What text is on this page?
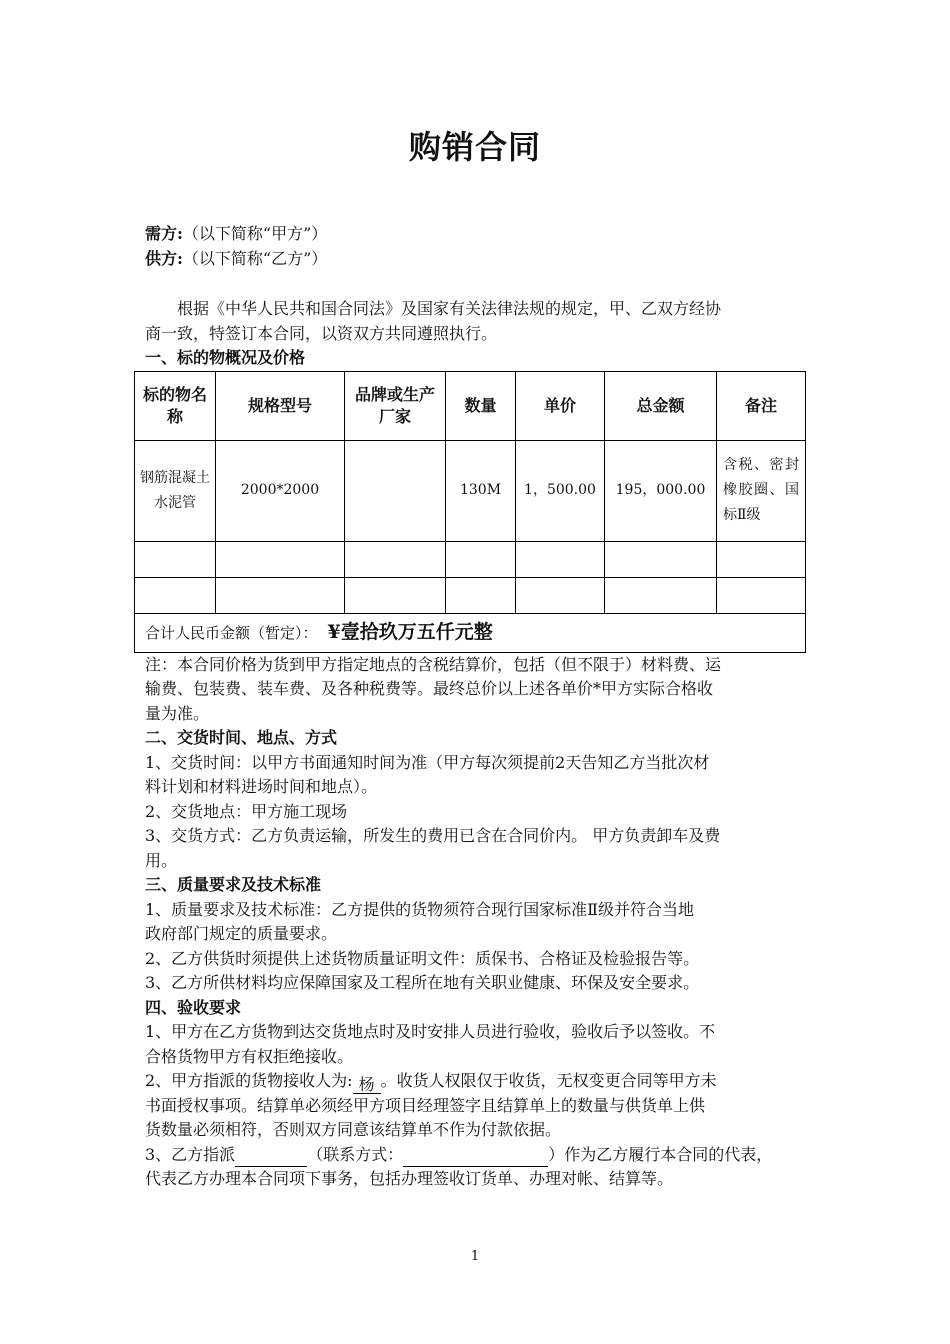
购销合同

需方:（以下简称“甲方”）

供方:（以下简称“乙方”）

根据《中华人民共和国合同法》及国家有关法律法规的规定，甲、乙双方经协

商一致，特签订本合同，以资双方共同遵照执行。

一、标的物概况及价格

标的物名称	规格型号	品牌或生产厂家	数量	单价	总金额	备注
钢筋混凝土水泥管	2000*2000		130M	1，500.00	195，000.00	含税、密封橡胶圈、国标Ⅱ级

合计人民币金额（暂定）： ¥壹拾玖万五仟元整						

注：本合同价格为货到甲方指定地点的含税结算价，包括（但不限于）材料费、运

输费、包装费、装车费、及各种税费等。最终总价以上述各单价*甲方实际合格收

量为准。

二、交货时间、地点、方式

1、交货时间：以甲方书面通知时间为准（甲方每次须提前2天告知乙方当批次材

料计划和材料进场时间和地点）。

2、交货地点：甲方施工现场

3、交货方式：乙方负责运输，所发生的费用已含在合同价内。 甲方负责卸车及费

用。

三、质量要求及技术标准

1、质量要求及技术标准：乙方提供的货物须符合现行国家标准Ⅱ级并符合当地

政府部门规定的质量要求。

2、乙方供货时须提供上述货物质量证明文件：质保书、合格证及检验报告等。

3、乙方所供材料均应保障国家及工程所在地有关职业健康、环保及安全要求。

四、验收要求

1、甲方在乙方货物到达交货地点时及时安排人员进行验收，验收后予以签收。不

合格货物甲方有权拒绝接收。

2、甲方指派的货物接收人为: 杨 。收货人权限仅于收货，无权变更合同等甲方未

书面授权事项。结算单必须经甲方项目经理签字且结算单上的数量与供货单上供

货数量必须相符，否则双方同意该结算单不作为付款依据。

3、乙方指派	（联系方式：	）作为乙方履行本合同的代表，

代表乙方办理本合同项下事务，包括办理签收订货单、办理对帐、结算等。

1
